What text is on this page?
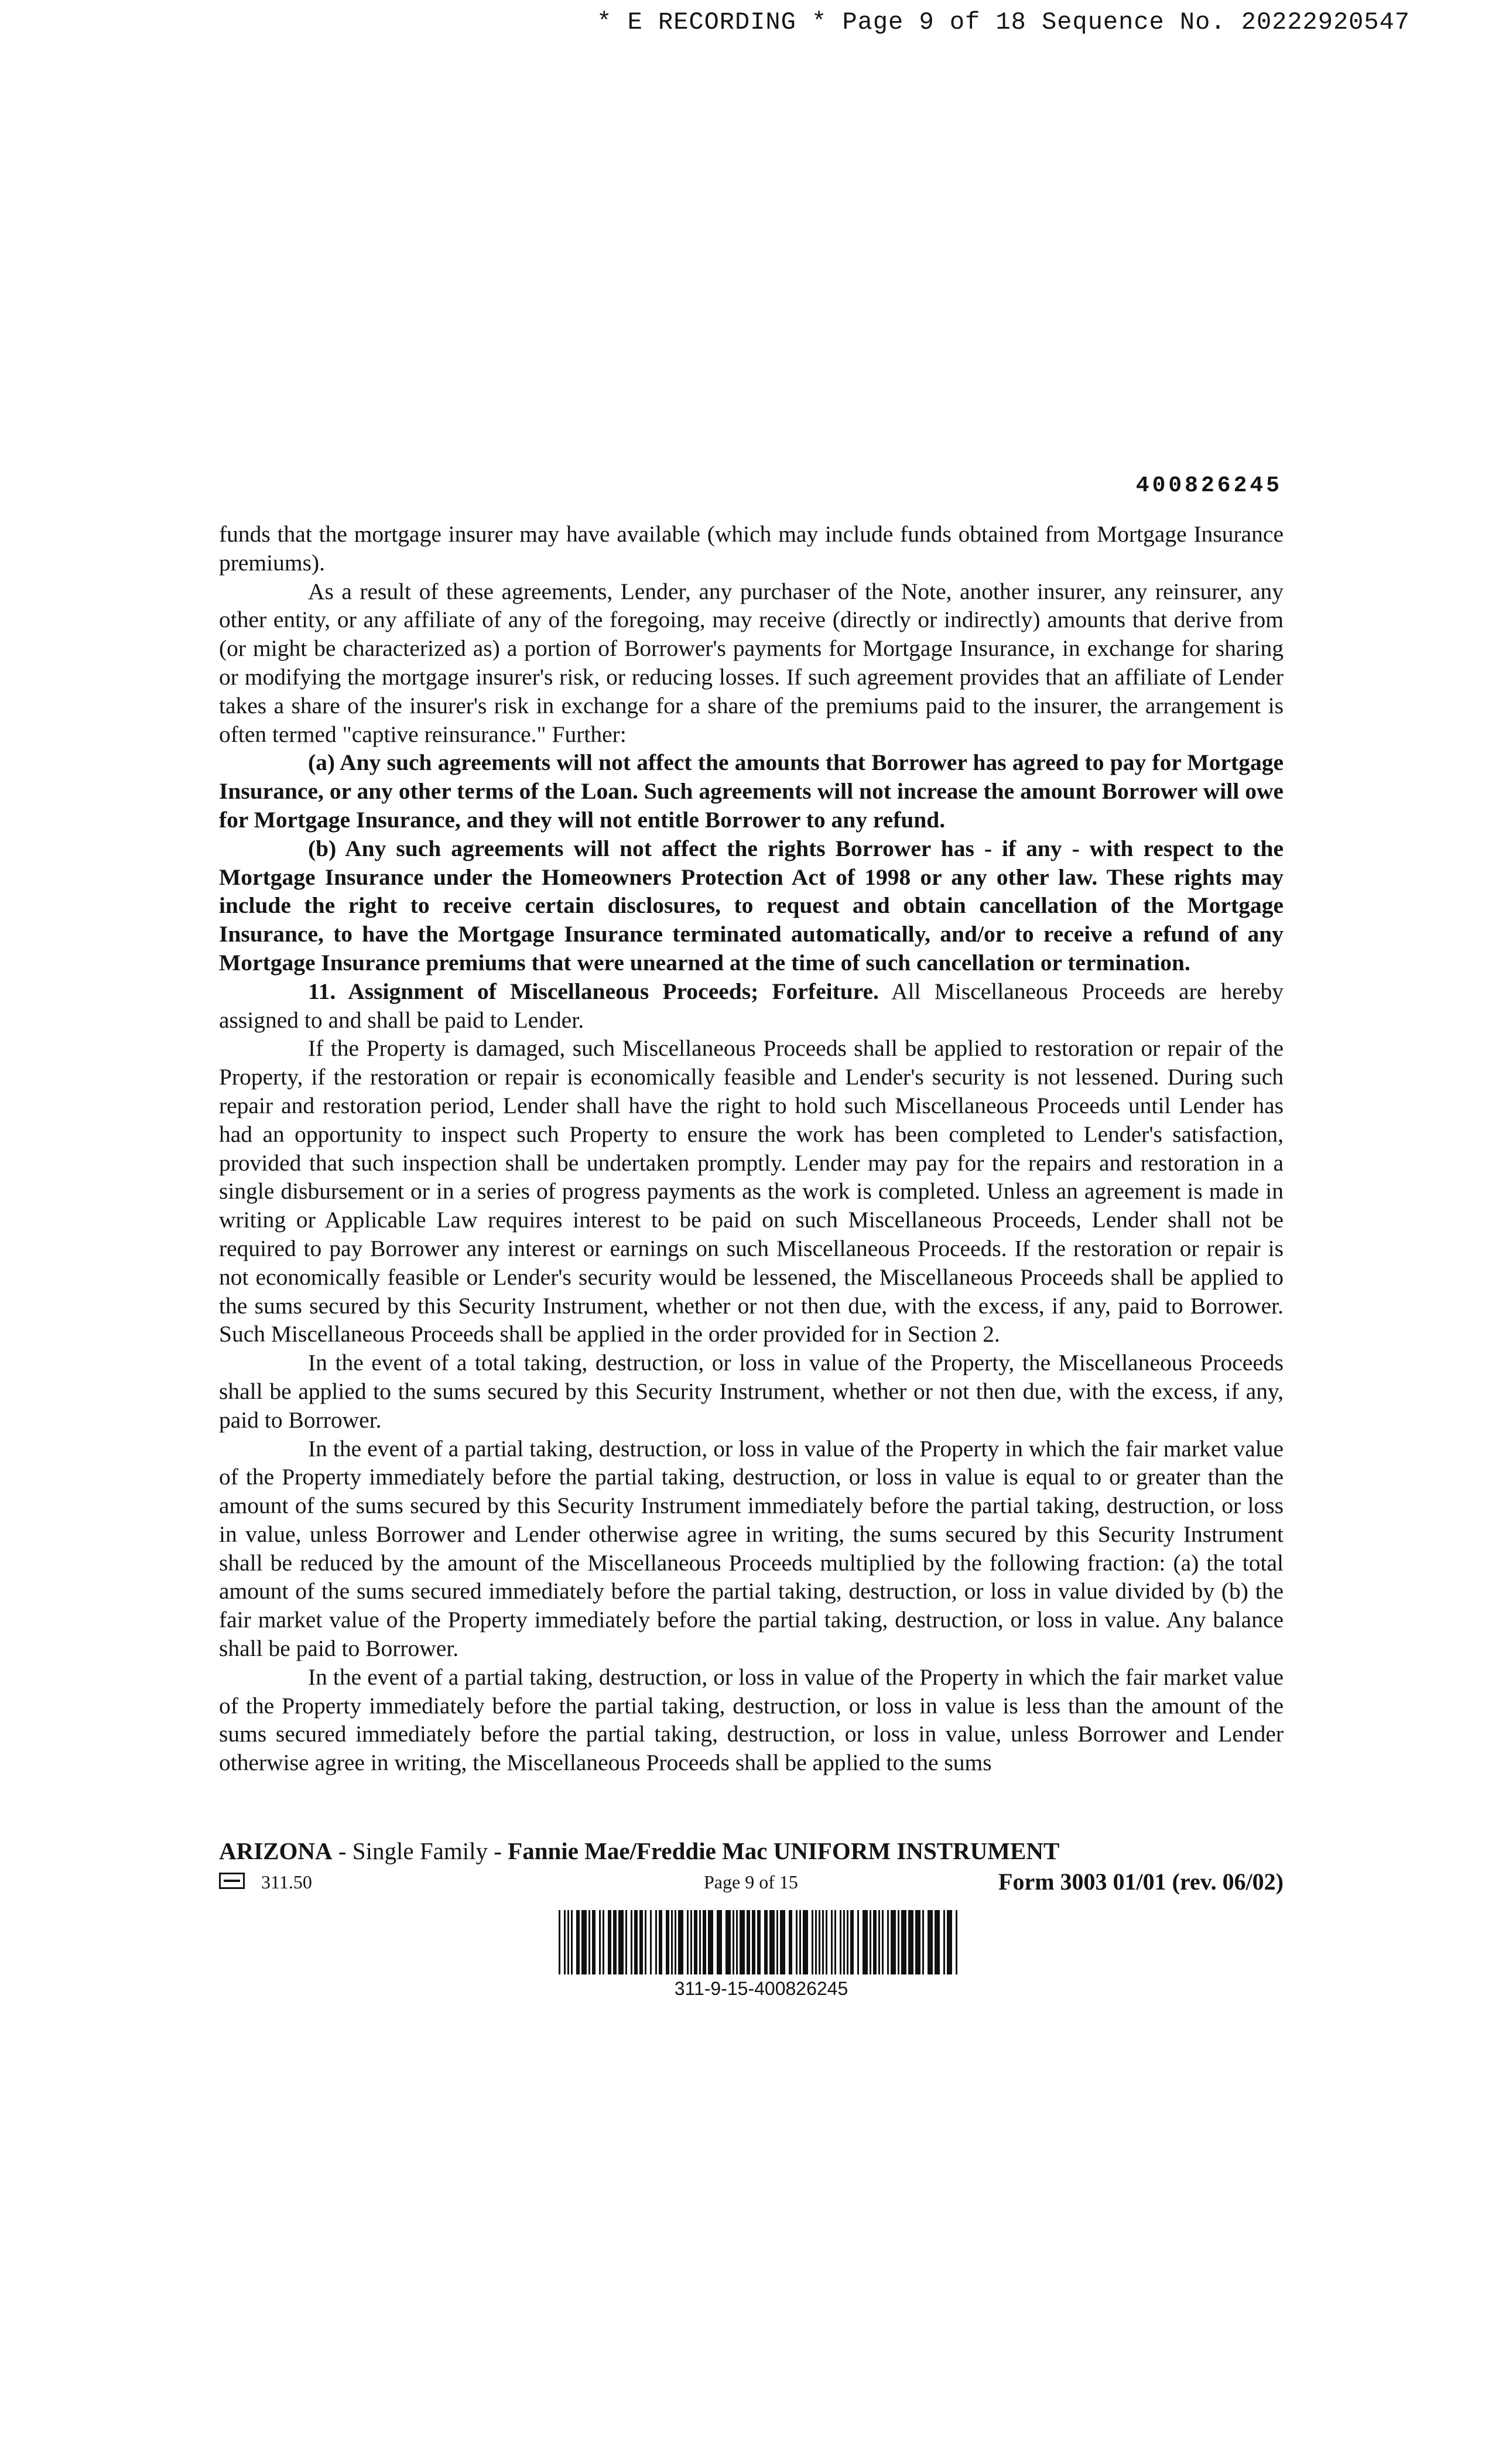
* E RECORDING * Page 9 of 18 Sequence No. 20222920547
400826245

funds that the mortgage insurer may have available (which may include funds obtained from Mortgage Insurance premiums).

As a result of these agreements, Lender, any purchaser of the Note, another insurer, any reinsurer, any other entity, or any affiliate of any of the foregoing, may receive (directly or indirectly) amounts that derive from (or might be characterized as) a portion of Borrower's payments for Mortgage Insurance, in exchange for sharing or modifying the mortgage insurer's risk, or reducing losses. If such agreement provides that an affiliate of Lender takes a share of the insurer's risk in exchange for a share of the premiums paid to the insurer, the arrangement is often termed "captive reinsurance." Further:

(a) Any such agreements will not affect the amounts that Borrower has agreed to pay for Mortgage Insurance, or any other terms of the Loan. Such agreements will not increase the amount Borrower will owe for Mortgage Insurance, and they will not entitle Borrower to any refund.

(b) Any such agreements will not affect the rights Borrower has - if any - with respect to the Mortgage Insurance under the Homeowners Protection Act of 1998 or any other law. These rights may include the right to receive certain disclosures, to request and obtain cancellation of the Mortgage Insurance, to have the Mortgage Insurance terminated automatically, and/or to receive a refund of any Mortgage Insurance premiums that were unearned at the time of such cancellation or termination.

11. Assignment of Miscellaneous Proceeds; Forfeiture. All Miscellaneous Proceeds are hereby assigned to and shall be paid to Lender.

If the Property is damaged, such Miscellaneous Proceeds shall be applied to restoration or repair of the Property, if the restoration or repair is economically feasible and Lender's security is not lessened. During such repair and restoration period, Lender shall have the right to hold such Miscellaneous Proceeds until Lender has had an opportunity to inspect such Property to ensure the work has been completed to Lender's satisfaction, provided that such inspection shall be undertaken promptly. Lender may pay for the repairs and restoration in a single disbursement or in a series of progress payments as the work is completed. Unless an agreement is made in writing or Applicable Law requires interest to be paid on such Miscellaneous Proceeds, Lender shall not be required to pay Borrower any interest or earnings on such Miscellaneous Proceeds. If the restoration or repair is not economically feasible or Lender's security would be lessened, the Miscellaneous Proceeds shall be applied to the sums secured by this Security Instrument, whether or not then due, with the excess, if any, paid to Borrower. Such Miscellaneous Proceeds shall be applied in the order provided for in Section 2.

In the event of a total taking, destruction, or loss in value of the Property, the Miscellaneous Proceeds shall be applied to the sums secured by this Security Instrument, whether or not then due, with the excess, if any, paid to Borrower.

In the event of a partial taking, destruction, or loss in value of the Property in which the fair market value of the Property immediately before the partial taking, destruction, or loss in value is equal to or greater than the amount of the sums secured by this Security Instrument immediately before the partial taking, destruction, or loss in value, unless Borrower and Lender otherwise agree in writing, the sums secured by this Security Instrument shall be reduced by the amount of the Miscellaneous Proceeds multiplied by the following fraction: (a) the total amount of the sums secured immediately before the partial taking, destruction, or loss in value divided by (b) the fair market value of the Property immediately before the partial taking, destruction, or loss in value. Any balance shall be paid to Borrower.

In the event of a partial taking, destruction, or loss in value of the Property in which the fair market value of the Property immediately before the partial taking, destruction, or loss in value is less than the amount of the sums secured immediately before the partial taking, destruction, or loss in value, unless Borrower and Lender otherwise agree in writing, the Miscellaneous Proceeds shall be applied to the sums

ARIZONA - Single Family - Fannie Mae/Freddie Mac UNIFORM INSTRUMENT
311.50	Page 9 of 15	Form 3003 01/01 (rev. 06/02)
311-9-15-400826245
